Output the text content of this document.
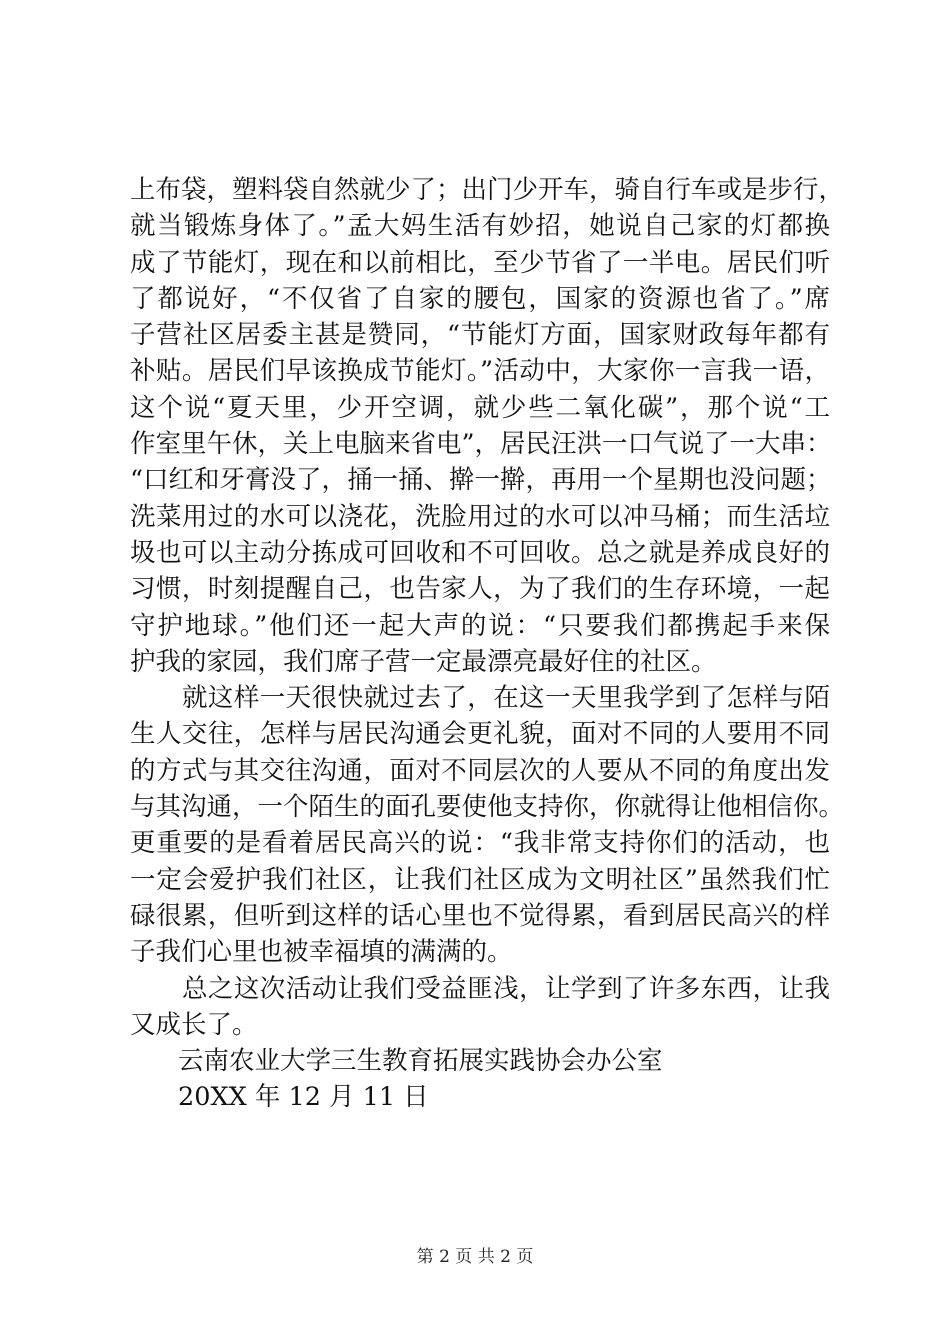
上布袋，塑料袋自然就少了；出门少开车，骑自行车或是步行，
就当锻炼身体了。”孟大妈生活有妙招，她说自己家的灯都换
成了节能灯，现在和以前相比，至少节省了一半电。居民们听
了都说好，“不仅省了自家的腰包，国家的资源也省了。”席
子营社区居委主甚是赞同，“节能灯方面，国家财政每年都有
补贴。居民们早该换成节能灯。”活动中，大家你一言我一语，
这个说“夏天里，少开空调，就少些二氧化碳”，那个说“工
作室里午休，关上电脑来省电”，居民汪洪一口气说了一大串：
“口红和牙膏没了，捅一捅、擀一擀，再用一个星期也没问题；
洗菜用过的水可以浇花，洗脸用过的水可以冲马桶；而生活垃
圾也可以主动分拣成可回收和不可回收。总之就是养成良好的
习惯，时刻提醒自己，也告家人，为了我们的生存环境，一起
守护地球。”他们还一起大声的说：“只要我们都携起手来保
护我的家园，我们席子营一定最漂亮最好住的社区。
就这样一天很快就过去了，在这一天里我学到了怎样与陌
生人交往，怎样与居民沟通会更礼貌，面对不同的人要用不同
的方式与其交往沟通，面对不同层次的人要从不同的角度出发
与其沟通，一个陌生的面孔要使他支持你，你就得让他相信你。
更重要的是看着居民高兴的说：“我非常支持你们的活动，也
一定会爱护我们社区，让我们社区成为文明社区”虽然我们忙
碌很累，但听到这样的话心里也不觉得累，看到居民高兴的样
子我们心里也被幸福填的满满的。
总之这次活动让我们受益匪浅，让学到了许多东西，让我
又成长了。
云南农业大学三生教育拓展实践协会办公室
20XX 年 12 月 11 日
第 2 页 共 2 页
